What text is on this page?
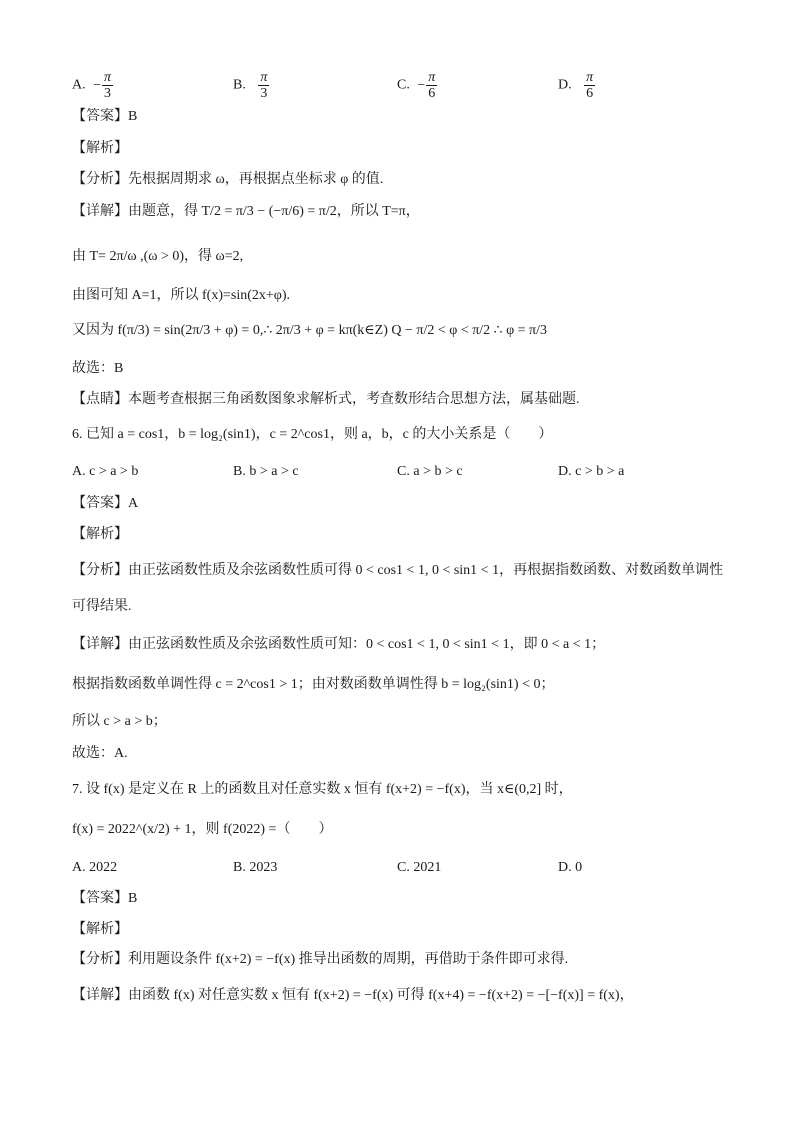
A. − $\frac{\pi}{3}$	B. $\frac{\pi}{3}$	C. − $\frac{\pi}{6}$	D. $\frac{\pi}{6}$
【答案】B
【解析】
【分析】先根据周期求 ω，再根据点坐标求 φ 的值.
【详解】由题意，得 T/2 = π/3 − (−π/6) = π/2，所以 T=π，
由 T= 2π/ω ,(ω > 0)，得 ω=2,
由图可知 A=1，所以 f(x)=sin(2x+φ).
又因为 f(π/3) = sin(2π/3 + φ) = 0,∴ 2π/3 + φ = kπ(k∈Z) Q − π/2 < φ < π/2 ∴ φ = π/3
故选：B
【点睛】本题考查根据三角函数图象求解析式，考查数形结合思想方法，属基础题.
6. 已知 a = cos1，b = log₂(sin1)，c = 2^cos1，则 a，b，c 的大小关系是（　　）
A. c > a > b	B. b > a > c	C. a > b > c	D. c > b > a
【答案】A
【解析】
【分析】由正弦函数性质及余弦函数性质可得 0 < cos1 < 1, 0 < sin1 < 1，再根据指数函数、对数函数单调性
可得结果.
【详解】由正弦函数性质及余弦函数性质可知：0 < cos1 < 1, 0 < sin1 < 1，即 0 < a < 1；
根据指数函数单调性得 c = 2^cos1 > 1；由对数函数单调性得 b = log₂(sin1) < 0；
所以 c > a > b；
故选：A.
7. 设 f(x) 是定义在 R 上的函数且对任意实数 x 恒有 f(x+2) = −f(x)，当 x∈(0,2] 时，
f(x) = 2022^(x/2) + 1，则 f(2022) =（　　）
A. 2022	B. 2023	C. 2021	D. 0
【答案】B
【解析】
【分析】利用题设条件 f(x+2) = −f(x) 推导出函数的周期，再借助于条件即可求得.
【详解】由函数 f(x) 对任意实数 x 恒有 f(x+2) = −f(x) 可得 f(x+4) = −f(x+2) = −[−f(x)] = f(x)，
